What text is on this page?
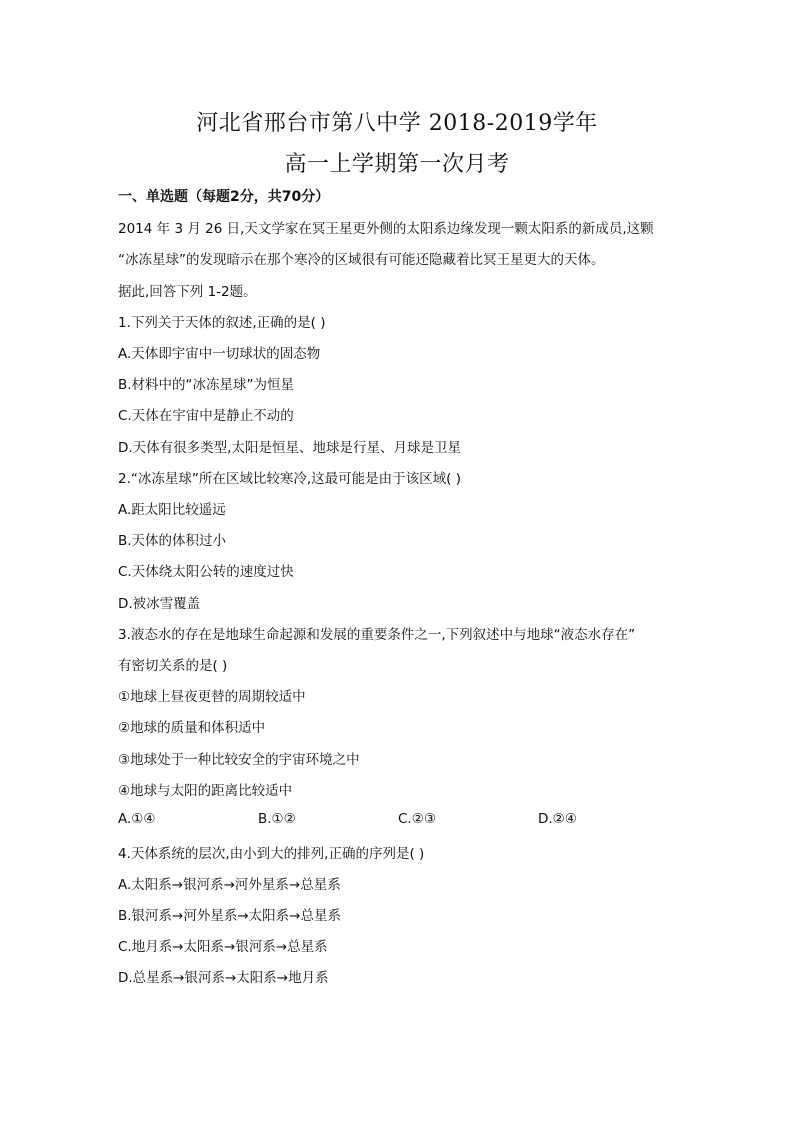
河北省邢台市第八中学 2018-2019学年
高一上学期第一次月考
一、单选题（每题2分，共70分）
2014 年 3 月 26 日,天文学家在冥王星更外侧的太阳系边缘发现一颗太阳系的新成员,这颗
“冰冻星球”的发现暗示在那个寒冷的区域很有可能还隐藏着比冥王星更大的天体。
据此,回答下列 1-2题。
1.下列关于天体的叙述,正确的是( )
A.天体即宇宙中一切球状的固态物
B.材料中的“冰冻星球”为恒星
C.天体在宇宙中是静止不动的
D.天体有很多类型,太阳是恒星、地球是行星、月球是卫星
2.“冰冻星球”所在区域比较寒冷,这最可能是由于该区域( )
A.距太阳比较遥远
B.天体的体积过小
C.天体绕太阳公转的速度过快
D.被冰雪覆盖
3.液态水的存在是地球生命起源和发展的重要条件之一,下列叙述中与地球“液态水存在”
有密切关系的是( )
①地球上昼夜更替的周期较适中
②地球的质量和体积适中
③地球处于一种比较安全的宇宙环境之中
④地球与太阳的距离比较适中
A.①④	B.①②	C.②③	D.②④
4.天体系统的层次,由小到大的排列,正确的序列是( )
A.太阳系→银河系→河外星系→总星系
B.银河系→河外星系→太阳系→总星系
C.地月系→太阳系→银河系→总星系
D.总星系→银河系→太阳系→地月系
